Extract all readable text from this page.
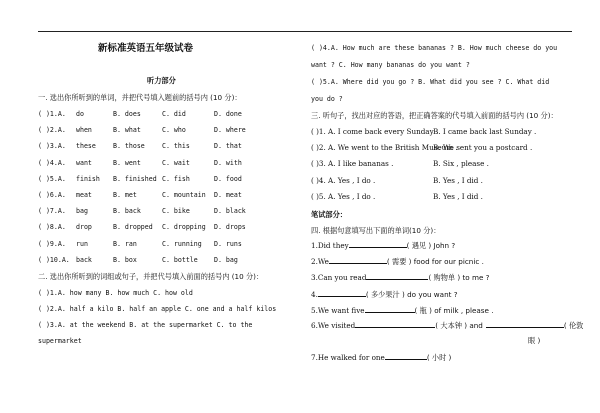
新标准英语五年级试卷
听力部分
一. 选出你所听到的单词，并把代号填入题前的括号内 (10 分)：
( )1.A. do	B. does	C. did	D. done
( )2.A. when	B. what	C. who	D. where
( )3.A. these	B. those	C. this	D. that
( )4.A. want	B. went	C. wait	D. with
( )5.A. finish B. finished C. fish	D. food
( )6.A. meat	B. met	C. mountain D. meat
( )7.A. bag	B. back	C. bike	D. black
( )8.A. drop	B. dropped C. dropping D. drops
( )9.A. run	B. ran	C. running D. runs
( )10.A. back	B. box	C. bottle D. bag
二. 选出你所听到的词组或句子，并把代号填入前面的括号内 (10 分)：
( )1.A. how many B. how much C. how old
( )2.A. half a kilo B. half an apple C. one and a half kilos
( )3.A. at the weekend B. at the supermarket C. to the
supermarket
( )4.A. How much are these bananas ? B. How much cheese do you
want ? C. How many bananas do you want ?
( )5.A. Where did you go ? B. What did you see ? C. What did
you do ?
三. 听句子，找出对应的答语，把正确答案的代号填入前面的括号内 (10 分)：
( )1. A. I come back every Sunday .
B. I came back last Sunday .
( )2. A. We went to the British Museum .
B. We sent you a postcard .
( )3. A. I like bananas .	B. Six , please .
( )4. A. Yes , I do .	B. Yes , I did .
( )5. A. Yes , I do .	B. Yes , I did .
笔试部分：
四. 根据句意填写出下面的单词(10 分)：
1.Did they	( 遇见 ) John ?
2.We	( 需要 ) food for our picnic .
3.Can you read	( 购物单 ) to me ?
4.	( 多少果汁 ) do you want ?
5.We want five	( 瓶 ) of milk , please .
6.We visited	( 大本钟 ) and	( 伦敦
眼 )
7.He walked for one	( 小时 )
